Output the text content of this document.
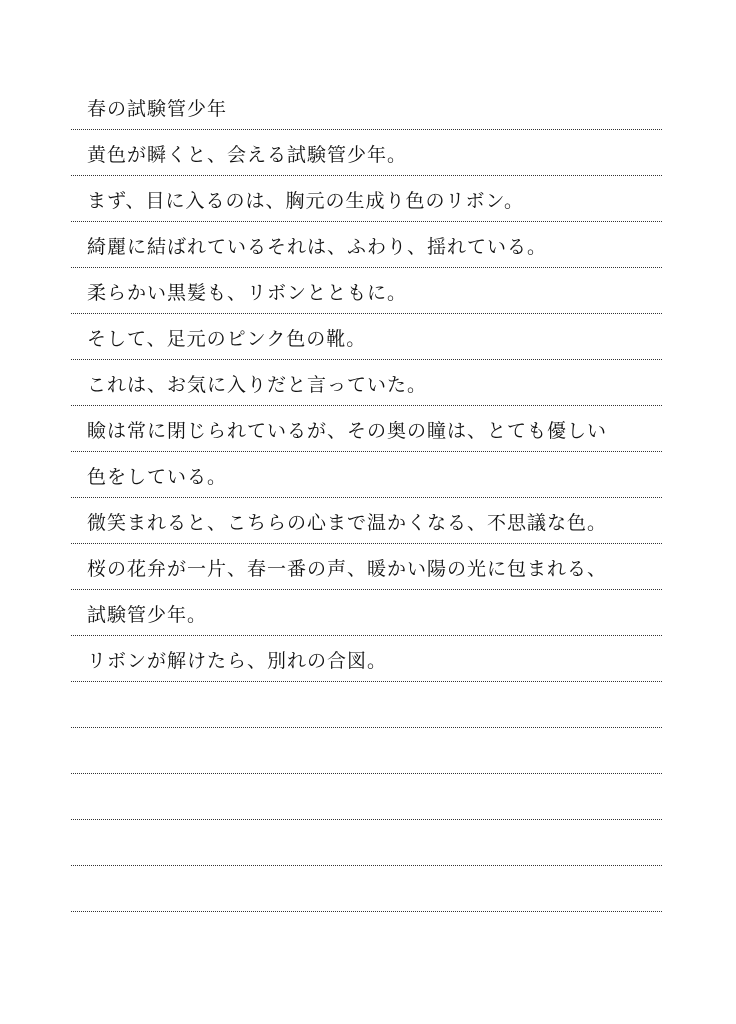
春の試験管少年
黄色が瞬くと、会える試験管少年。
まず、目に入るのは、胸元の生成り色のリボン。
綺麗に結ばれているそれは、ふわり、揺れている。
柔らかい黒髪も、リボンとともに。
そして、足元のピンク色の靴。
これは、お気に入りだと言っていた。
瞼は常に閉じられているが、その奥の瞳は、とても優しい
色をしている。
微笑まれると、こちらの心まで温かくなる、不思議な色。
桜の花弁が一片、春一番の声、暖かい陽の光に包まれる、
試験管少年。
リボンが解けたら、別れの合図。
